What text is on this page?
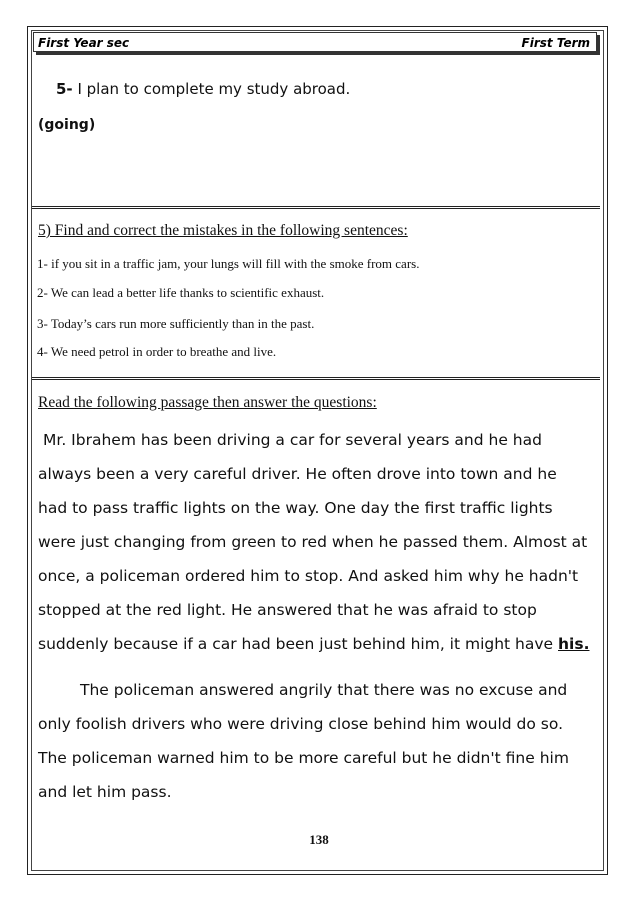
First Year sec	First Term
5- I plan to complete my study abroad.
(going)
5) Find and correct the mistakes in the following sentences:
1- if you sit in a traffic jam, your lungs will fill with the smoke from cars.
2- We can lead a better life thanks to scientific exhaust.
3- Today’s cars run more sufficiently than in the past.
4- We need petrol in order to breathe and live.
Read the following passage then answer the questions:
Mr. Ibrahem has been driving a car for several years and he had
always been a very careful driver. He often drove into town and he
had to pass traffic lights on the way. One day the first traffic lights
were just changing from green to red when he passed them. Almost at
once, a policeman ordered him to stop. And asked him why he hadn't
stopped at the red light. He answered that he was afraid to stop
suddenly because if a car had been just behind him, it might have his.
The policeman answered angrily that there was no excuse and
only foolish drivers who were driving close behind him would do so.
The policeman warned him to be more careful but he didn't fine him
and let him pass.
138
